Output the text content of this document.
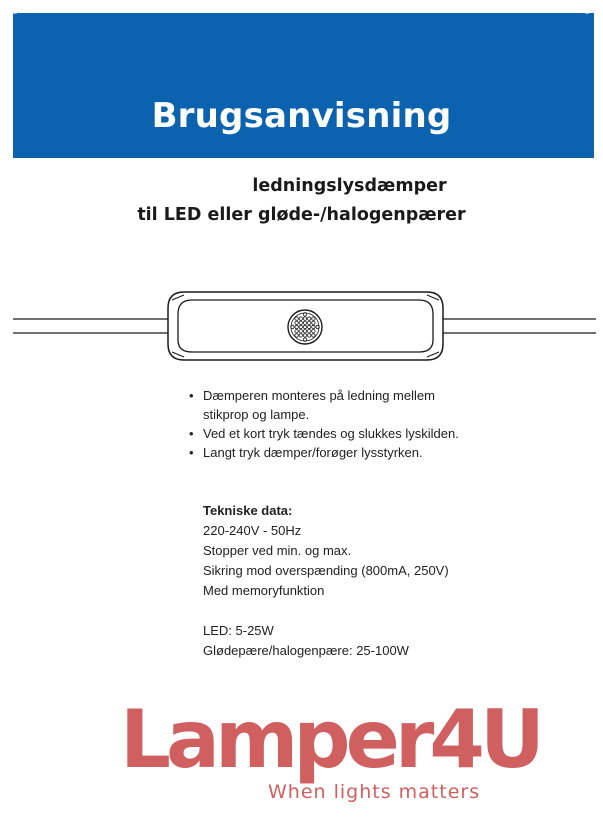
Brugsanvisning
ledningslysdæmper
til LED eller gløde-/halogenpærer
• Dæmperen monteres på ledning mellem
stikprop og lampe.
• Ved et kort tryk tændes og slukkes lyskilden.
• Langt tryk dæmper/forøger lysstyrken.
Tekniske data:
220-240V - 50Hz
Stopper ved min. og max.
Sikring mod overspænding (800mA, 250V)
Med memoryfunktion
LED: 5-25W
Glødepære/halogenpære: 25-100W
Lamper4U
When lights matters
